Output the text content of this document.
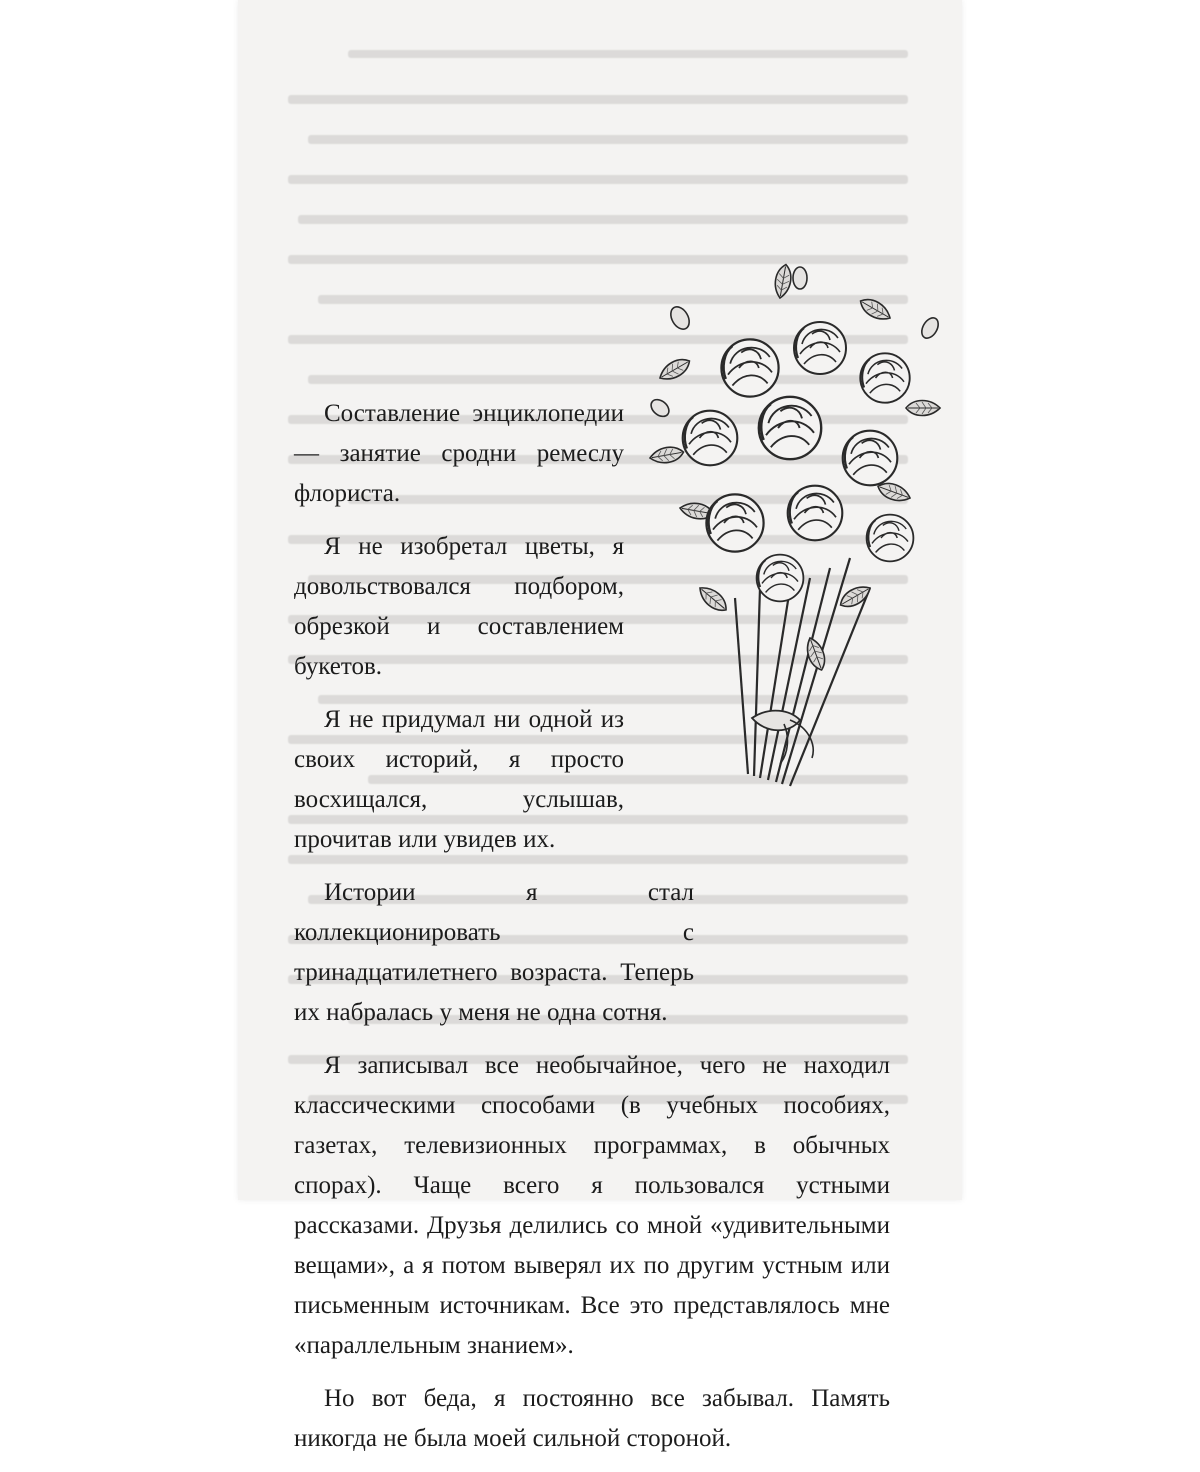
Составление энциклопедии — занятие сродни ремеслу флориста.

Я не изобретал цветы, я довольствовался подбором, обрезкой и составлением букетов.

Я не придумал ни одной из своих историй, я просто восхищался, услышав, прочитав или увидев их.

Истории я стал коллекционировать с тринадцатилетнего возраста. Теперь их набралась у меня не одна сотня.

Я записывал все необычайное, чего не находил классическими способами (в учебных пособиях, газетах, телевизионных программах, в обычных спорах). Чаще всего я пользовался устными рассказами. Друзья делились со мной «удивительными вещами», а я потом выверял их по другим устным или письменным источникам. Все это представлялось мне «параллельным знанием».

Но вот беда, я постоянно все забывал. Память никогда не была моей сильной стороной.
